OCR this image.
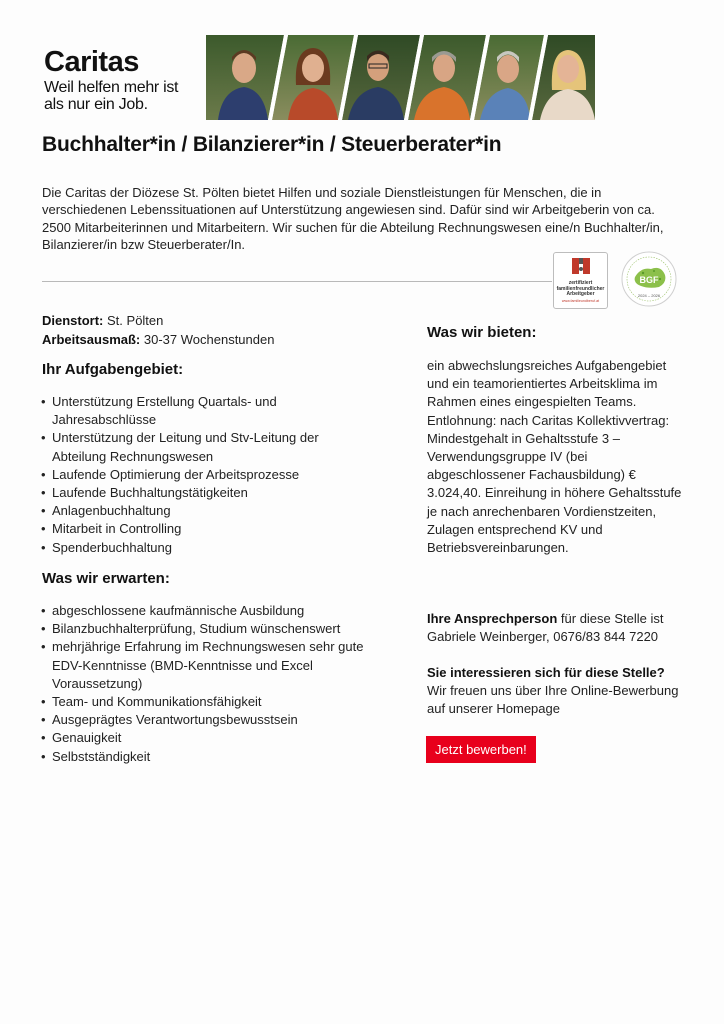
Caritas
Weil helfen mehr ist
als nur ein Job.
Buchhalter*in / Bilanzierer*in / Steuerberater*in

Die Caritas der Diözese St. Pölten bietet Hilfen und soziale Dienstleistungen für Menschen, die in verschiedenen Lebenssituationen auf Unterstützung angewiesen sind. Dafür sind wir Arbeitgeberin von ca. 2500 Mitarbeiterinnen und Mitarbeitern. Wir suchen für die Abteilung Rechnungswesen eine/n Buchhalter/in, Bilanzierer/in bzw Steuerberater/In.

zertifiziert
familienfreundlicher
Arbeitgeber
www.familieundberuf.at
BGF
2024 – 2026
Dienstort: St. Pölten
Arbeitsausmaß: 30-37 Wochenstunden
Ihr Aufgabengebiet:
• Unterstützung Erstellung Quartals- und Jahresabschlüsse
• Unterstützung der Leitung und Stv-Leitung der Abteilung Rechnungswesen
• Laufende Optimierung der Arbeitsprozesse
• Laufende Buchhaltungstätigkeiten
• Anlagenbuchhaltung
• Mitarbeit in Controlling
• Spenderbuchhaltung
Was wir erwarten:
• abgeschlossene kaufmännische Ausbildung
• Bilanzbuchhalterprüfung, Studium wünschenswert
• mehrjährige Erfahrung im Rechnungswesen sehr gute EDV-Kenntnisse (BMD-Kenntnisse und Excel Voraussetzung)
• Team- und Kommunikationsfähigkeit
• Ausgeprägtes Verantwortungsbewusstsein
• Genauigkeit
• Selbstständigkeit
Was wir bieten:

ein abwechslungsreiches Aufgabengebiet und ein teamorientiertes Arbeitsklima im Rahmen eines eingespielten Teams. Entlohnung: nach Caritas Kollektivvertrag: Mindestgehalt in Gehaltsstufe 3 – Verwendungsgruppe IV (bei abgeschlossener Fachausbildung) € 3.024,40. Einreihung in höhere Gehaltsstufe je nach anrechenbaren Vordienstzeiten, Zulagen entsprechend KV und Betriebsvereinbarungen.

Ihre Ansprechperson für diese Stelle ist Gabriele Weinberger, 0676/83 844 7220

Sie interessieren sich für diese Stelle?
Wir freuen uns über Ihre Online-Bewerbung auf unserer Homepage
Jetzt bewerben!
